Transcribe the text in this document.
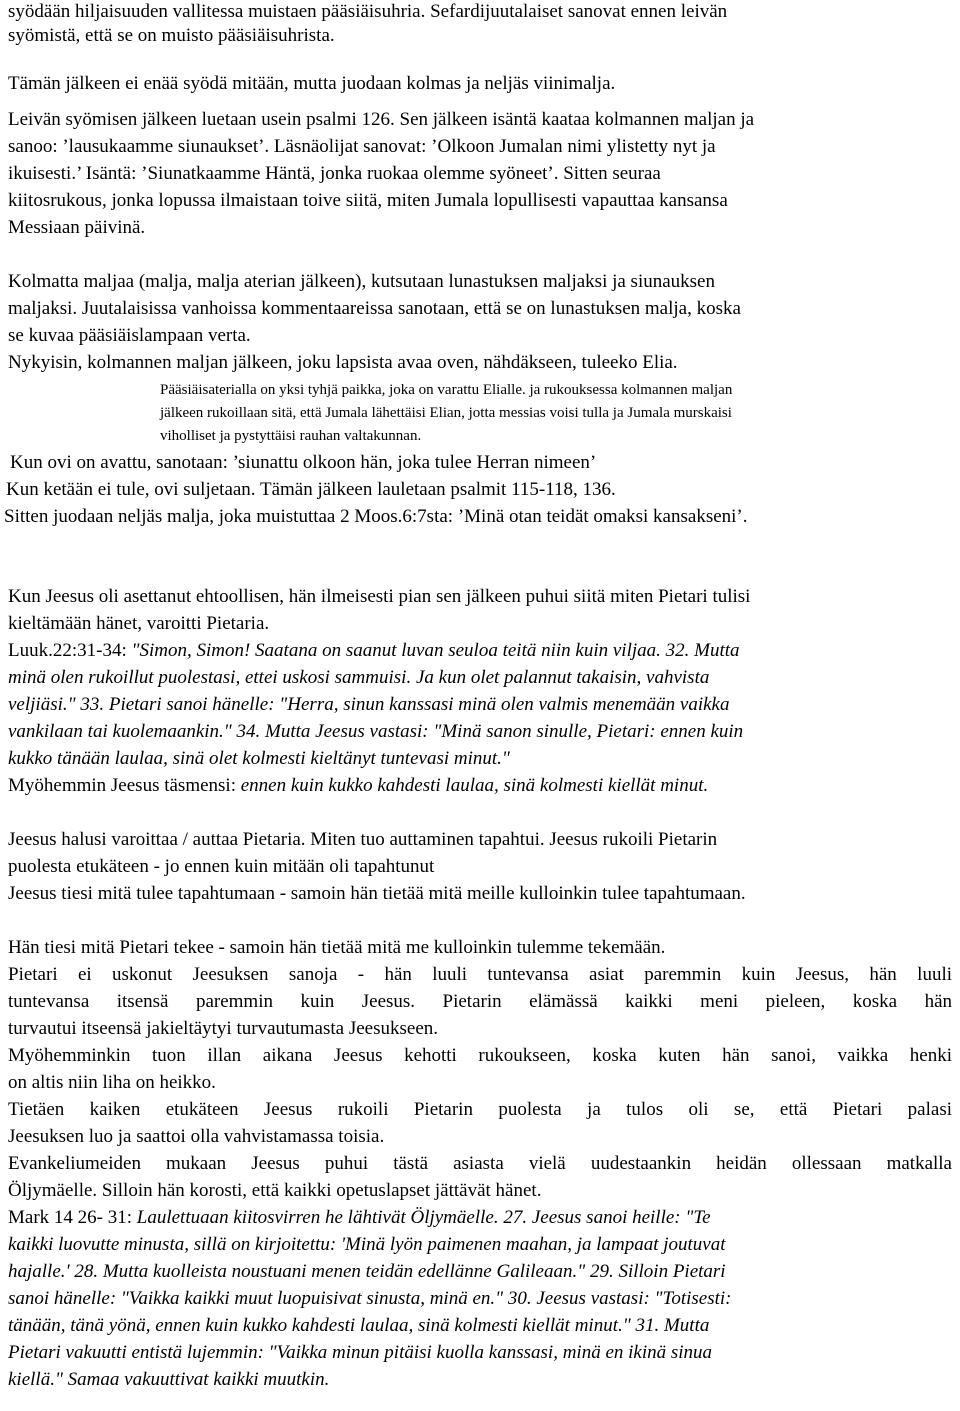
syödään hiljaisuuden vallitessa muistaen pääsiäisuhria. Sefardijuutalaiset sanovat ennen leivän
syömistä, että se on muisto pääsiäisuhrista.
Tämän jälkeen ei enää syödä mitään, mutta juodaan kolmas ja neljäs viinimalja.
Leivän syömisen jälkeen luetaan usein psalmi 126. Sen jälkeen isäntä kaataa kolmannen maljan ja
sanoo: ’lausukaamme siunaukset’. Läsnäolijat sanovat: ’Olkoon Jumalan nimi ylistetty nyt ja
ikuisesti.’ Isäntä: ’Siunatkaamme Häntä, jonka ruokaa olemme syöneet’. Sitten seuraa
kiitosrukous, jonka lopussa ilmaistaan toive siitä, miten Jumala lopullisesti vapauttaa kansansa
Messiaan päivinä.
Kolmatta maljaa (malja, malja aterian jälkeen), kutsutaan lunastuksen maljaksi ja siunauksen
maljaksi. Juutalaisissa vanhoissa kommentaareissa sanotaan, että se on lunastuksen malja, koska
se kuvaa pääsiäislampaan verta.
Nykyisin, kolmannen maljan jälkeen, joku lapsista avaa oven, nähdäkseen, tuleeko Elia.
Pääsiäisaterialla on yksi tyhjä paikka, joka on varattu Elialle. ja rukouksessa kolmannen maljan
jälkeen rukoillaan sitä, että Jumala lähettäisi Elian, jotta messias voisi tulla ja Jumala murskaisi
viholliset ja pystyttäisi rauhan valtakunnan.
Kun ovi on avattu, sanotaan: ’siunattu olkoon hän, joka tulee Herran nimeen’
Kun ketään ei tule, ovi suljetaan. Tämän jälkeen lauletaan psalmit 115-118, 136.
Sitten juodaan neljäs malja, joka muistuttaa 2 Moos.6:7sta: ’Minä otan teidät omaksi kansakseni’.
Kun Jeesus oli asettanut ehtoollisen, hän ilmeisesti pian sen jälkeen puhui siitä miten Pietari tulisi
kieltämään hänet, varoitti Pietaria.
Luuk.22:31-34: "Simon, Simon! Saatana on saanut luvan seuloa teitä niin kuin viljaa. 32. Mutta
minä olen rukoillut puolestasi, ettei uskosi sammuisi. Ja kun olet palannut takaisin, vahvista
veljiäsi." 33. Pietari sanoi hänelle: "Herra, sinun kanssasi minä olen valmis menemään vaikka
vankilaan tai kuolemaankin." 34. Mutta Jeesus vastasi: "Minä sanon sinulle, Pietari: ennen kuin
kukko tänään laulaa, sinä olet kolmesti kieltänyt tuntevasi minut."
Myöhemmin Jeesus täsmensi: ennen kuin kukko kahdesti laulaa, sinä kolmesti kiellät minut.
Jeesus halusi varoittaa / auttaa Pietaria. Miten tuo auttaminen tapahtui. Jeesus rukoili Pietarin
puolesta etukäteen - jo ennen kuin mitään oli tapahtunut
Jeesus tiesi mitä tulee tapahtumaan - samoin hän tietää mitä meille kulloinkin tulee tapahtumaan.
Hän tiesi mitä Pietari tekee - samoin hän tietää mitä me kulloinkin tulemme tekemään.
Pietari ei uskonut Jeesuksen sanoja - hän luuli tuntevansa asiat paremmin kuin Jeesus, hän luuli
tuntevansa itsensä paremmin kuin Jeesus. Pietarin elämässä kaikki meni pieleen, koska hän
turvautui itseensä jakieltäytyi turvautumasta Jeesukseen.
Myöhemminkin tuon illan aikana Jeesus kehotti rukoukseen, koska kuten hän sanoi, vaikka henki
on altis niin liha on heikko.
Tietäen kaiken etukäteen Jeesus rukoili Pietarin puolesta ja tulos oli se, että Pietari palasi
Jeesuksen luo ja saattoi olla vahvistamassa toisia.
Evankeliumeiden mukaan Jeesus puhui tästä asiasta vielä uudestaankin heidän ollessaan matkalla
Öljymäelle. Silloin hän korosti, että kaikki opetuslapset jättävät hänet.
Mark 14 26- 31: Laulettuaan kiitosvirren he lähtivät Öljymäelle. 27. Jeesus sanoi heille: "Te
kaikki luovutte minusta, sillä on kirjoitettu: 'Minä lyön paimenen maahan, ja lampaat joutuvat
hajalle.' 28. Mutta kuolleista noustuani menen teidän edellänne Galileaan." 29. Silloin Pietari
sanoi hänelle: "Vaikka kaikki muut luopuisivat sinusta, minä en." 30. Jeesus vastasi: "Totisesti:
tänään, tänä yönä, ennen kuin kukko kahdesti laulaa, sinä kolmesti kiellät minut." 31. Mutta
Pietari vakuutti entistä lujemmin: "Vaikka minun pitäisi kuolla kanssasi, minä en ikinä sinua
kiellä." Samaa vakuuttivat kaikki muutkin.
